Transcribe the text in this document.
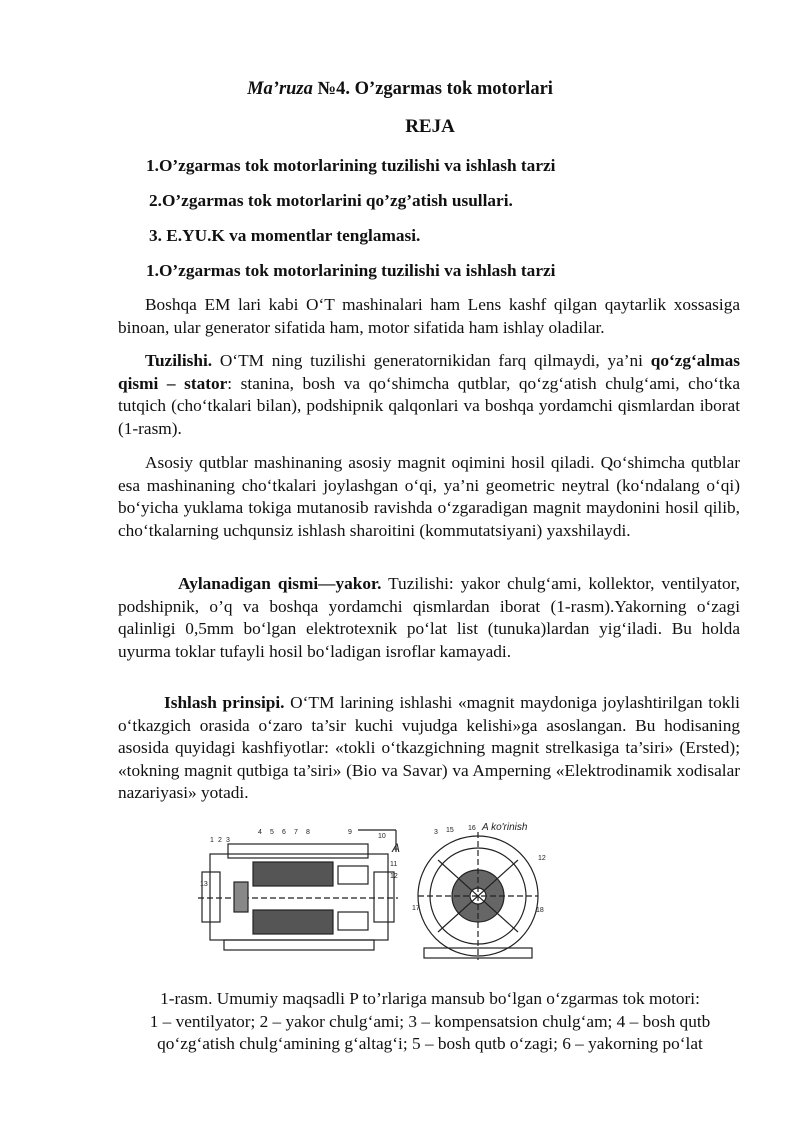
Ma’ruza №4. O’zgarmas tok motorlari
REJA
1.O’zgarmas tok motorlarining tuzilishi va ishlash tarzi
2.O’zgarmas tok motorlarini qo’zg’atish usullari.
3. E.YU.K va momentlar tenglamasi.
1.O’zgarmas tok motorlarining tuzilishi va ishlash tarzi
Boshqa EM lari kabi O‘T mashinalari ham Lens kashf qilgan qaytarlik xossasiga binoan, ular generator sifatida ham, motor sifatida ham ishlay oladilar.
Tuzilishi. O‘TM ning tuzilishi generatornikidan farq qilmaydi, ya’ni qo‘zg‘almas qismi – stator: stanina, bosh va qo‘shimcha qutblar, qo‘zg‘atish chulg‘ami, cho‘tka tutqich (cho‘tkalari bilan), podshipnik qalqonlari va boshqa yordamchi qismlardan iborat (1-rasm).
Asosiy qutblar mashinaning asosiy magnit oqimini hosil qiladi. Qo‘shimcha qutblar esa mashinaning cho‘tkalari joylashgan o‘qi, ya’ni geometric neytral (ko‘ndalang o‘qi) bo‘yicha yuklama tokiga mutanosib ravishda o‘zgaradigan magnit maydonini hosil qilib, cho‘tkalarning uchqunsiz ishlash sharoitini (kommutatsiyani) yaxshilaydi.
Aylanadigan qismi—yakor. Tuzilishi: yakor chulg‘ami, kollektor, ventilyator, podshipnik, o’q va boshqa yordamchi qismlardan iborat (1-rasm).Yakorning o‘zagi qalinligi 0,5mm bo‘lgan elektrotexnik po‘lat list (tunuka)lardan yig‘iladi. Bu holda uyurma toklar tufayli hosil bo‘ladigan isroflar kamayadi.
Ishlash prinsipi. O‘TM larining ishlashi «magnit maydoniga joylashtirilgan tokli o‘tkazgich orasida o‘zaro ta’sir kuchi vujudga kelishi»ga asoslangan. Bu hodisaning asosida quyidagi kashfiyotlar: «tokli o‘tkazgichning magnit strelkasiga ta’siri» (Ersted); «tokning magnit qutbiga ta’siri» (Bio va Savar) va Amperning «Elektrodinamik xodisalar nazariyasi» yotadi.
1 2 3
4 5 6 7 8	9
10
11
12
13
A
3 15 16
12
17	18
A ko'rinish
1-rasm. Umumiy maqsadli P to’rlariga mansub bo‘lgan o‘zgarmas tok motori:
1 – ventilyator; 2 – yakor chulg‘ami; 3 – kompensatsion chulg‘am; 4 – bosh qutb
qo‘zg‘atish chulg‘amining g‘altag‘i; 5 – bosh qutb o‘zagi; 6 – yakorning po‘lat
